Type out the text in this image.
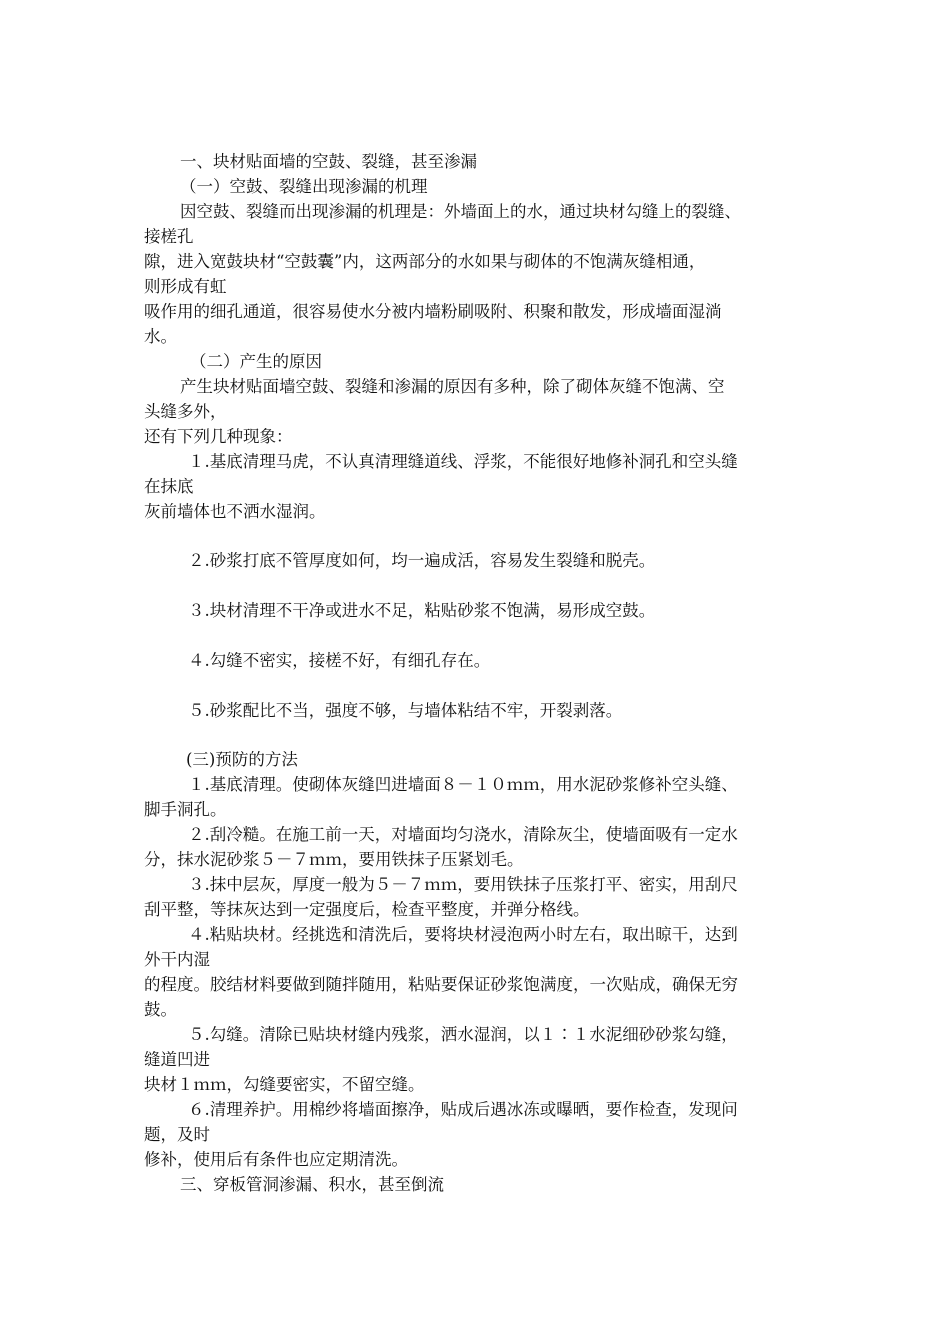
一、块材贴面墙的空鼓、裂缝，甚至渗漏
（一）空鼓、裂缝出现渗漏的机理
因空鼓、裂缝而出现渗漏的机理是：外墙面上的水，通过块材勾缝上的裂缝、
接槎孔
隙，进入宽鼓块材“空鼓囊”内，这两部分的水如果与砌体的不饱满灰缝相通，
则形成有虹
吸作用的细孔通道，很容易使水分被内墙粉刷吸附、积聚和散发，形成墙面湿淌
水。
（二）产生的原因
产生块材贴面墙空鼓、裂缝和渗漏的原因有多种，除了砌体灰缝不饱满、空
头缝多外，
还有下列几种现象：
１.基底清理马虎，不认真清理缝道线、浮浆，不能很好地修补洞孔和空头缝
在抹底
灰前墙体也不洒水湿润。
２.砂浆打底不管厚度如何，均一遍成活，容易发生裂缝和脱壳。
３.块材清理不干净或进水不足，粘贴砂浆不饱满，易形成空鼓。
４.勾缝不密实，接槎不好，有细孔存在。
５.砂浆配比不当，强度不够，与墙体粘结不牢，开裂剥落。
(三)预防的方法
１.基底清理。使砌体灰缝凹进墙面８－１０ｍｍ，用水泥砂浆修补空头缝、
脚手洞孔。
２.刮冷糙。在施工前一天，对墙面均匀浇水，清除灰尘，使墙面吸有一定水
分，抹水泥砂浆５－７ｍｍ，要用铁抹子压紧划毛。
３.抹中层灰，厚度一般为５－７ｍｍ，要用铁抹子压浆打平、密实，用刮尺
刮平整，等抹灰达到一定强度后，检查平整度，并弹分格线。
４.粘贴块材。经挑选和清洗后，要将块材浸泡两小时左右，取出晾干，达到
外干内湿
的程度。胶结材料要做到随拌随用，粘贴要保证砂浆饱满度，一次贴成，确保无穷
鼓。
５.勾缝。清除已贴块材缝内残浆，洒水湿润，以１∶１水泥细砂砂浆勾缝，
缝道凹进
块材１ｍｍ，勾缝要密实，不留空缝。
６.清理养护。用棉纱将墙面擦净，贴成后遇冰冻或曝晒，要作检查，发现问
题，及时
修补，使用后有条件也应定期清洗。
三、穿板管洞渗漏、积水，甚至倒流
